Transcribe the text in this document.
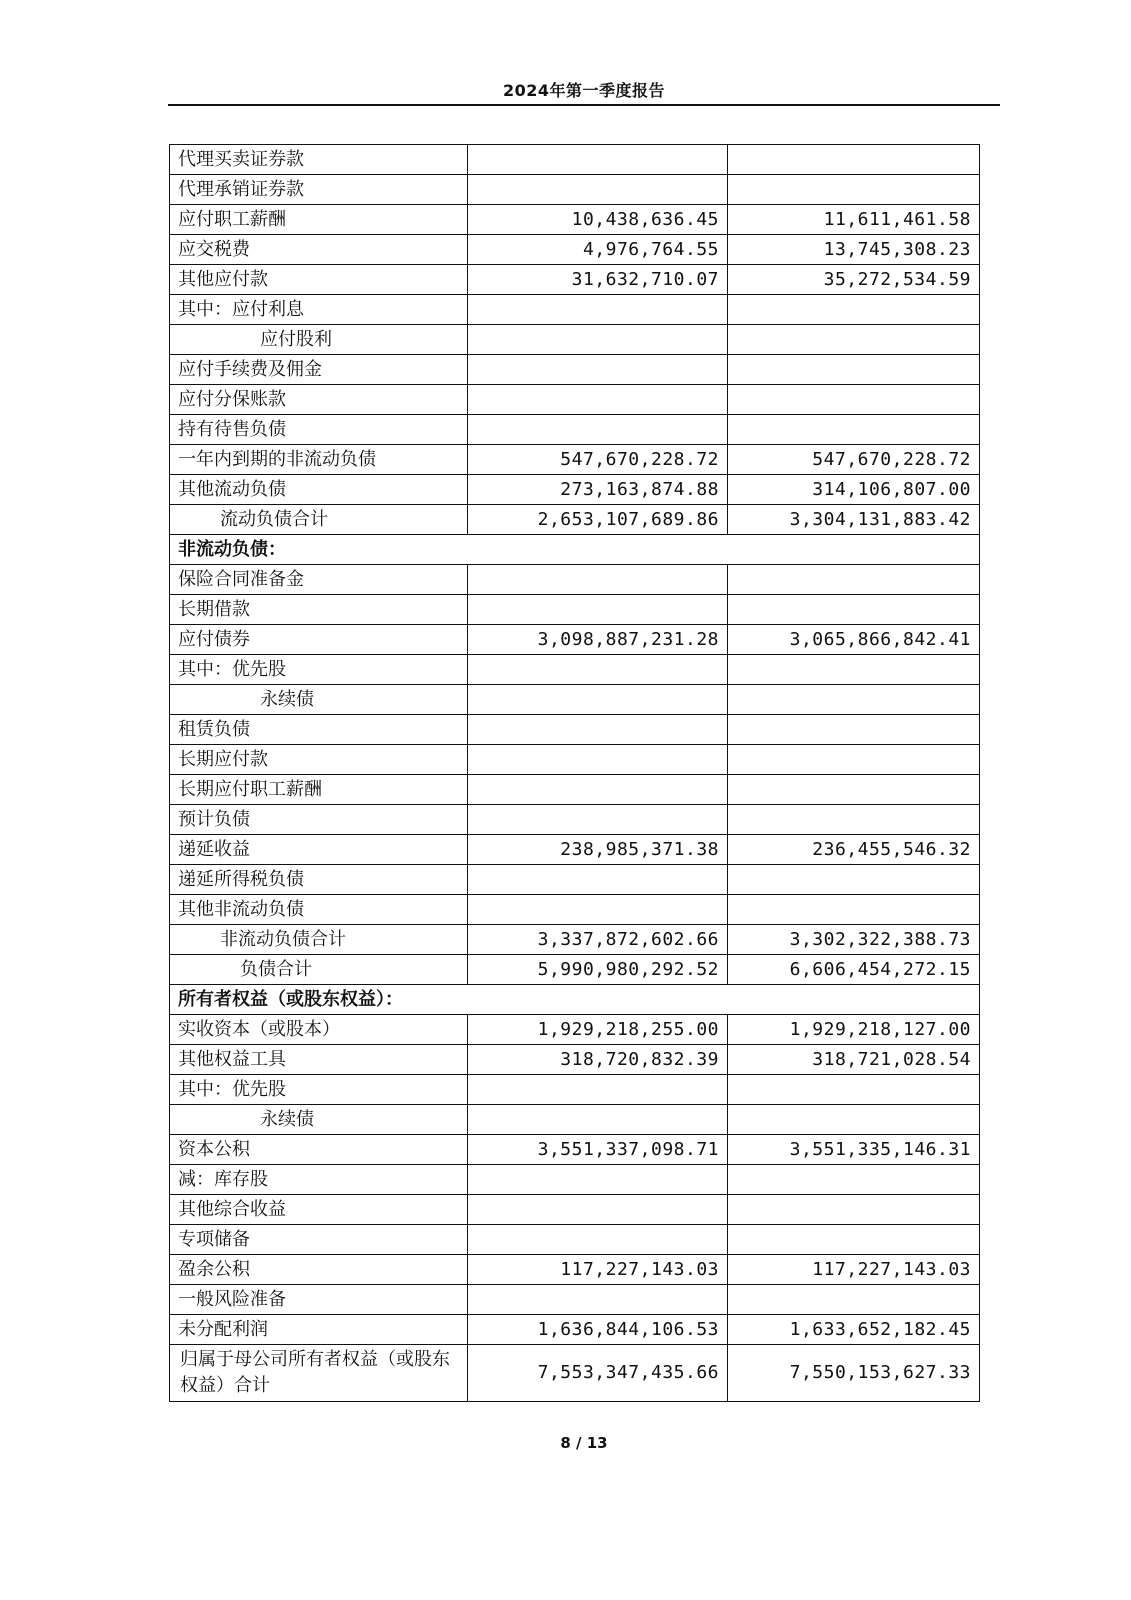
2024年第一季度报告
代理买卖证券款		
代理承销证券款		
应付职工薪酬	10,438,636.45	11,611,461.58
应交税费	4,976,764.55	13,745,308.23
其他应付款	31,632,710.07	35,272,534.59
其中：应付利息		
应付股利		
应付手续费及佣金		
应付分保账款		
持有待售负债		
一年内到期的非流动负债	547,670,228.72	547,670,228.72
其他流动负债	273,163,874.88	314,106,807.00
流动负债合计	2,653,107,689.86	3,304,131,883.42
非流动负债：		
保险合同准备金		
长期借款		
应付债券	3,098,887,231.28	3,065,866,842.41
其中：优先股		
永续债		
租赁负债		
长期应付款		
长期应付职工薪酬		
预计负债		
递延收益	238,985,371.38	236,455,546.32
递延所得税负债		
其他非流动负债		
非流动负债合计	3,337,872,602.66	3,302,322,388.73
负债合计	5,990,980,292.52	6,606,454,272.15
所有者权益（或股东权益）：		
实收资本（或股本）	1,929,218,255.00	1,929,218,127.00
其他权益工具	318,720,832.39	318,721,028.54
其中：优先股		
永续债		
资本公积	3,551,337,098.71	3,551,335,146.31
减：库存股		
其他综合收益		
专项储备		
盈余公积	117,227,143.03	117,227,143.03
一般风险准备		
未分配利润	1,636,844,106.53	1,633,652,182.45
归属于母公司所有者权益（或股东权益）合计	7,553,347,435.66	7,550,153,627.33
8 / 13
